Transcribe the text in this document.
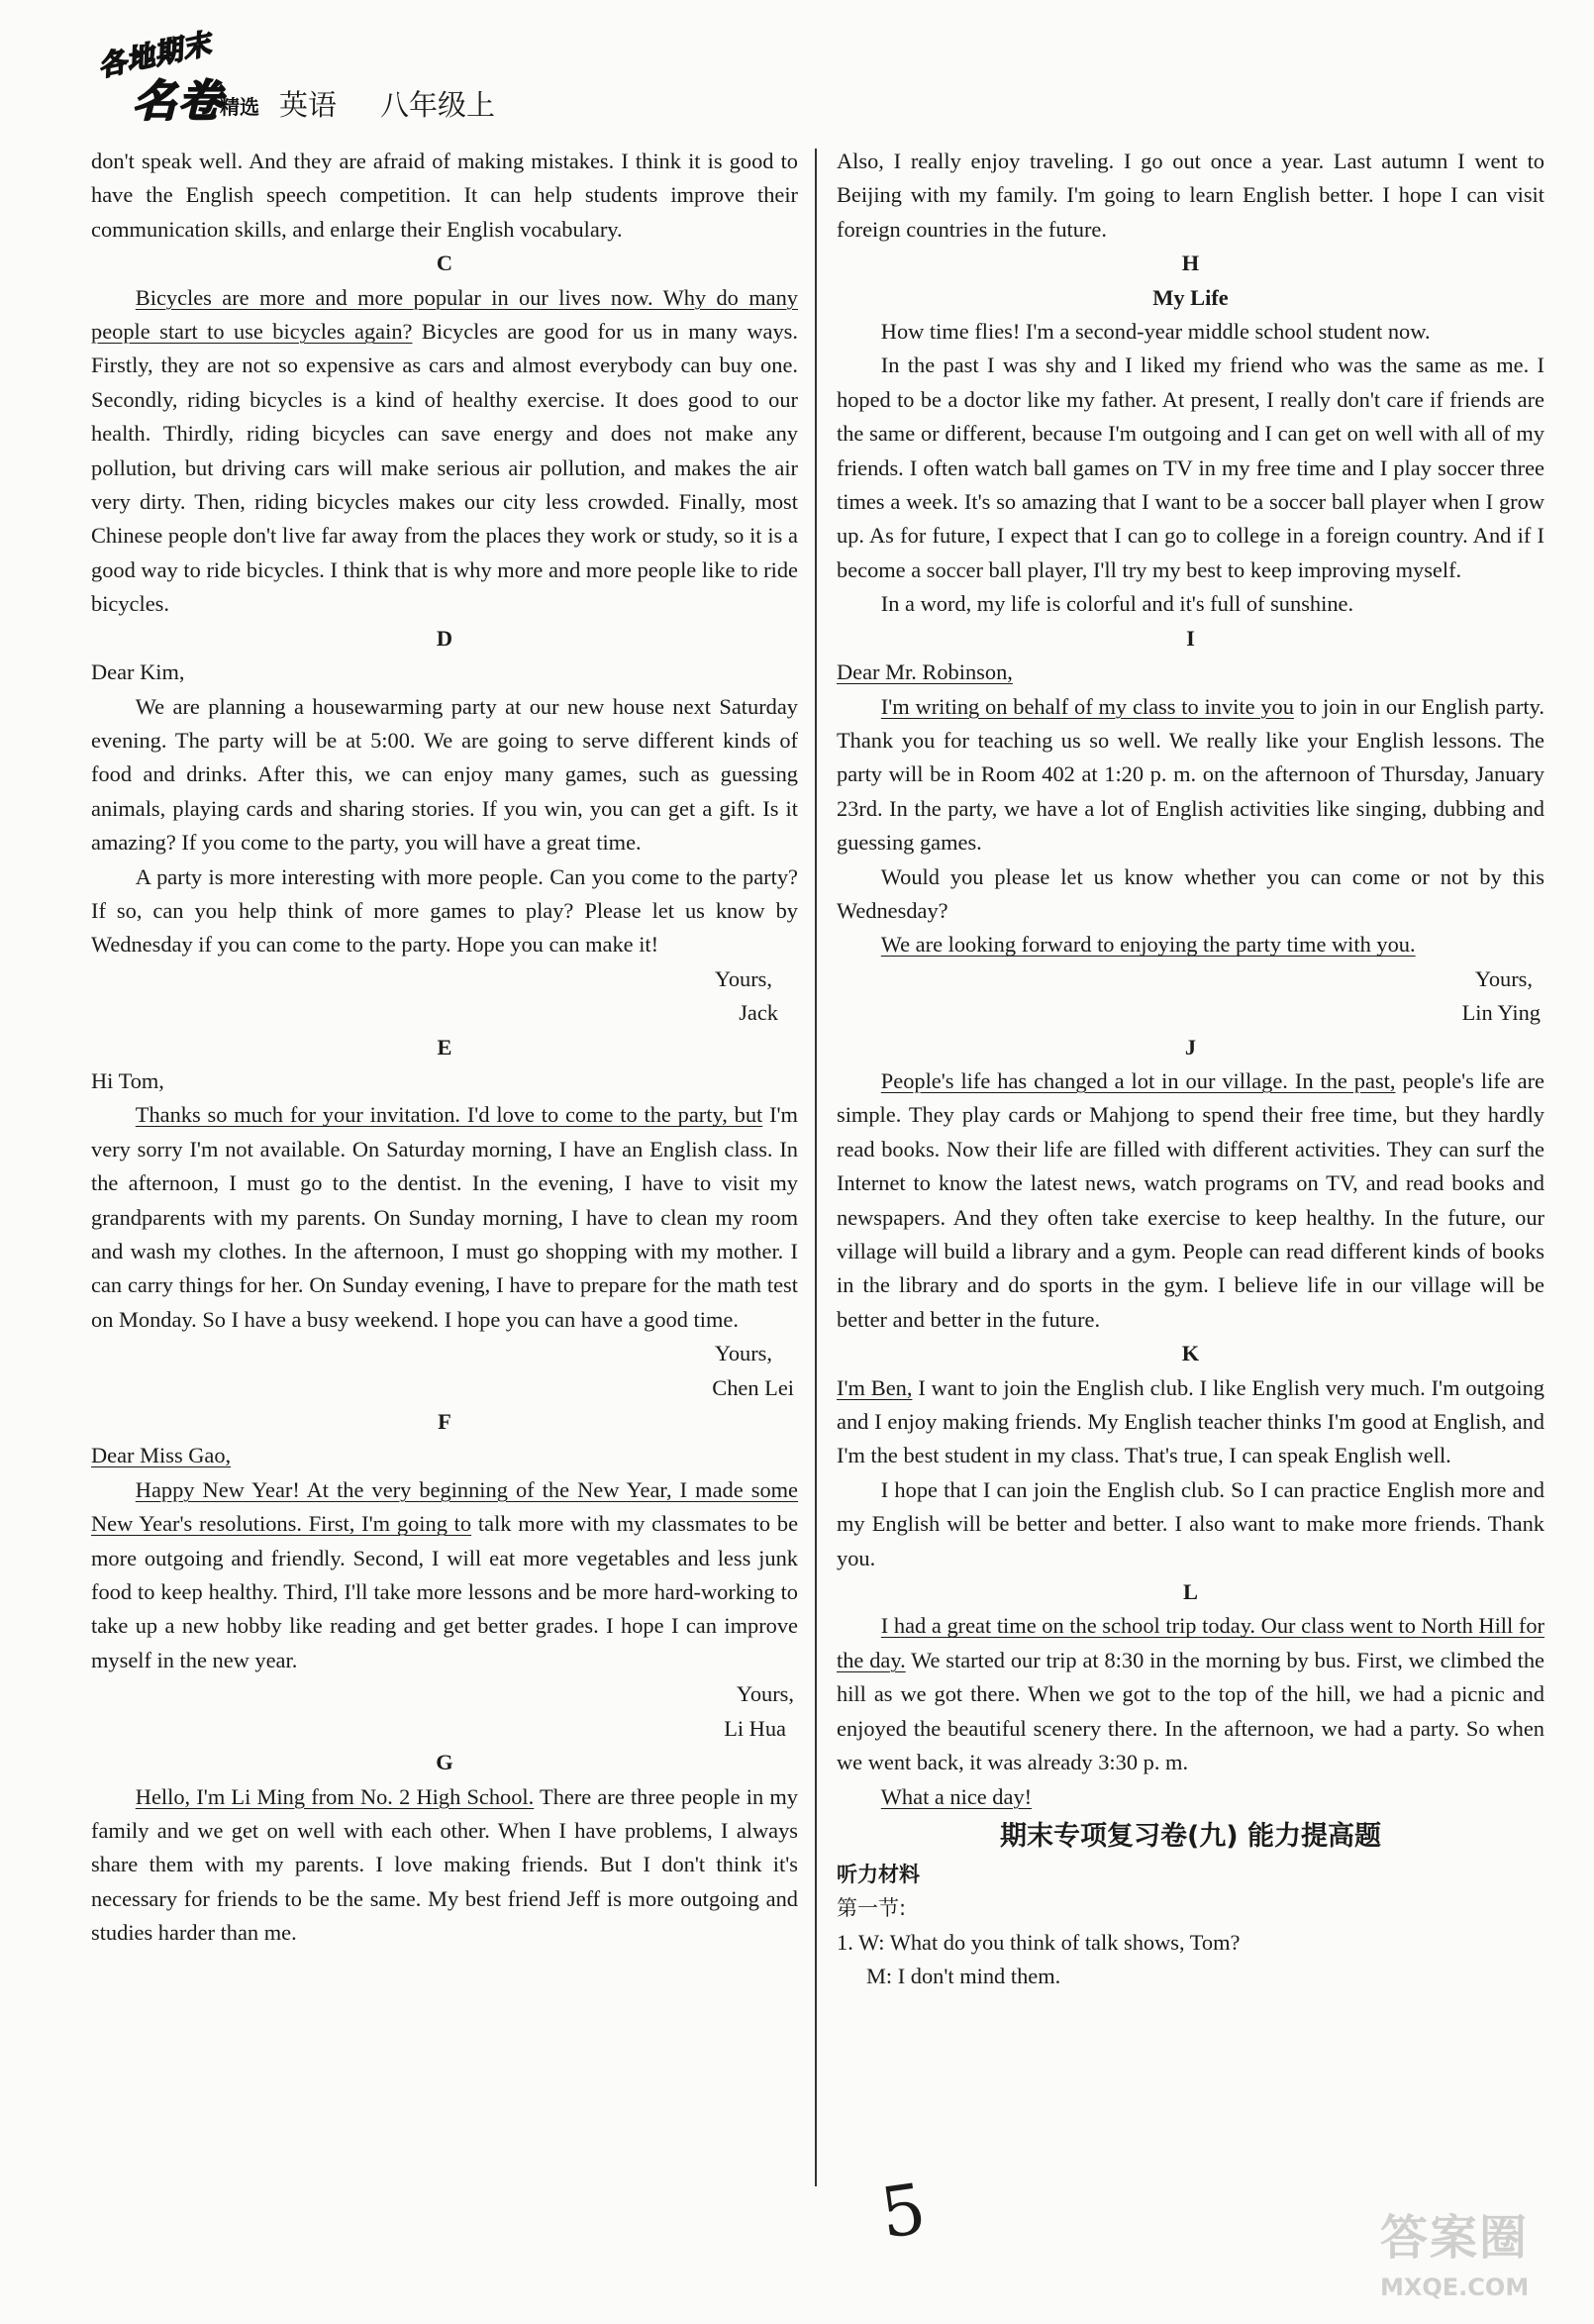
各地期末
名卷
精选 英语 八年级上

don't speak well. And they are afraid of making mistakes. I think it is good to have the English speech competition. It can help students improve their communication skills, and enlarge their English vocabulary.

C

Bicycles are more and more popular in our lives now. Why do many people start to use bicycles again? Bicycles are good for us in many ways. Firstly, they are not so expensive as cars and almost everybody can buy one. Secondly, riding bicycles is a kind of healthy exercise. It does good to our health. Thirdly, riding bicycles can save energy and does not make any pollution, but driving cars will make serious air pollution, and makes the air very dirty. Then, riding bicycles makes our city less crowded. Finally, most Chinese people don't live far away from the places they work or study, so it is a good way to ride bicycles. I think that is why more and more people like to ride bicycles.

D

Dear Kim,

We are planning a housewarming party at our new house next Saturday evening. The party will be at 5:00. We are going to serve different kinds of food and drinks. After this, we can enjoy many games, such as guessing animals, playing cards and sharing stories. If you win, you can get a gift. Is it amazing? If you come to the party, you will have a great time.

A party is more interesting with more people. Can you come to the party? If so, can you help think of more games to play? Please let us know by Wednesday if you can come to the party. Hope you can make it!

Yours,
Jack
E

Hi Tom,

Thanks so much for your invitation. I'd love to come to the party, but I'm very sorry I'm not available. On Saturday morning, I have an English class. In the afternoon, I must go to the dentist. In the evening, I have to visit my grandparents with my parents. On Sunday morning, I have to clean my room and wash my clothes. In the afternoon, I must go shopping with my mother. I can carry things for her. On Sunday evening, I have to prepare for the math test on Monday. So I have a busy weekend. I hope you can have a good time.

Yours,
Chen Lei
F

Dear Miss Gao,

Happy New Year! At the very beginning of the New Year, I made some New Year's resolutions. First, I'm going to talk more with my classmates to be more outgoing and friendly. Second, I will eat more vegetables and less junk food to keep healthy. Third, I'll take more lessons and be more hard-working to take up a new hobby like reading and get better grades. I hope I can improve myself in the new year.

Yours,
Li Hua
G

Hello, I'm Li Ming from No. 2 High School. There are three people in my family and we get on well with each other. When I have problems, I always share them with my parents. I love making friends. But I don't think it's necessary for friends to be the same. My best friend Jeff is more outgoing and studies harder than me.

Also, I really enjoy traveling. I go out once a year. Last autumn I went to Beijing with my family. I'm going to learn English better. I hope I can visit foreign countries in the future.

H
My Life

How time flies! I'm a second-year middle school student now.

In the past I was shy and I liked my friend who was the same as me. I hoped to be a doctor like my father. At present, I really don't care if friends are the same or different, because I'm outgoing and I can get on well with all of my friends. I often watch ball games on TV in my free time and I play soccer three times a week. It's so amazing that I want to be a soccer ball player when I grow up. As for future, I expect that I can go to college in a foreign country. And if I become a soccer ball player, I'll try my best to keep improving myself.

In a word, my life is colorful and it's full of sunshine.

I

Dear Mr. Robinson,

I'm writing on behalf of my class to invite you to join in our English party. Thank you for teaching us so well. We really like your English lessons. The party will be in Room 402 at 1:20 p. m. on the afternoon of Thursday, January 23rd. In the party, we have a lot of English activities like singing, dubbing and guessing games.

Would you please let us know whether you can come or not by this Wednesday?

We are looking forward to enjoying the party time with you.

Yours,
Lin Ying
J

People's life has changed a lot in our village. In the past, people's life are simple. They play cards or Mahjong to spend their free time, but they hardly read books. Now their life are filled with different activities. They can surf the Internet to know the latest news, watch programs on TV, and read books and newspapers. And they often take exercise to keep healthy. In the future, our village will build a library and a gym. People can read different kinds of books in the library and do sports in the gym. I believe life in our village will be better and better in the future.

K

I'm Ben, I want to join the English club. I like English very much. I'm outgoing and I enjoy making friends. My English teacher thinks I'm good at English, and I'm the best student in my class. That's true, I can speak English well.

I hope that I can join the English club. So I can practice English more and my English will be better and better. I also want to make more friends. Thank you.

L

I had a great time on the school trip today. Our class went to North Hill for the day. We started our trip at 8:30 in the morning by bus. First, we climbed the hill as we got there. When we got to the top of the hill, we had a picnic and enjoyed the beautiful scenery there. In the afternoon, we had a party. So when we went back, it was already 3:30 p. m.

What a nice day!

期末专项复习卷(九) 能力提高题
听力材料
第一节:
1. W: What do you think of talk shows, Tom?
M: I don't mind them.
5	答案圈
MXQE.COM
